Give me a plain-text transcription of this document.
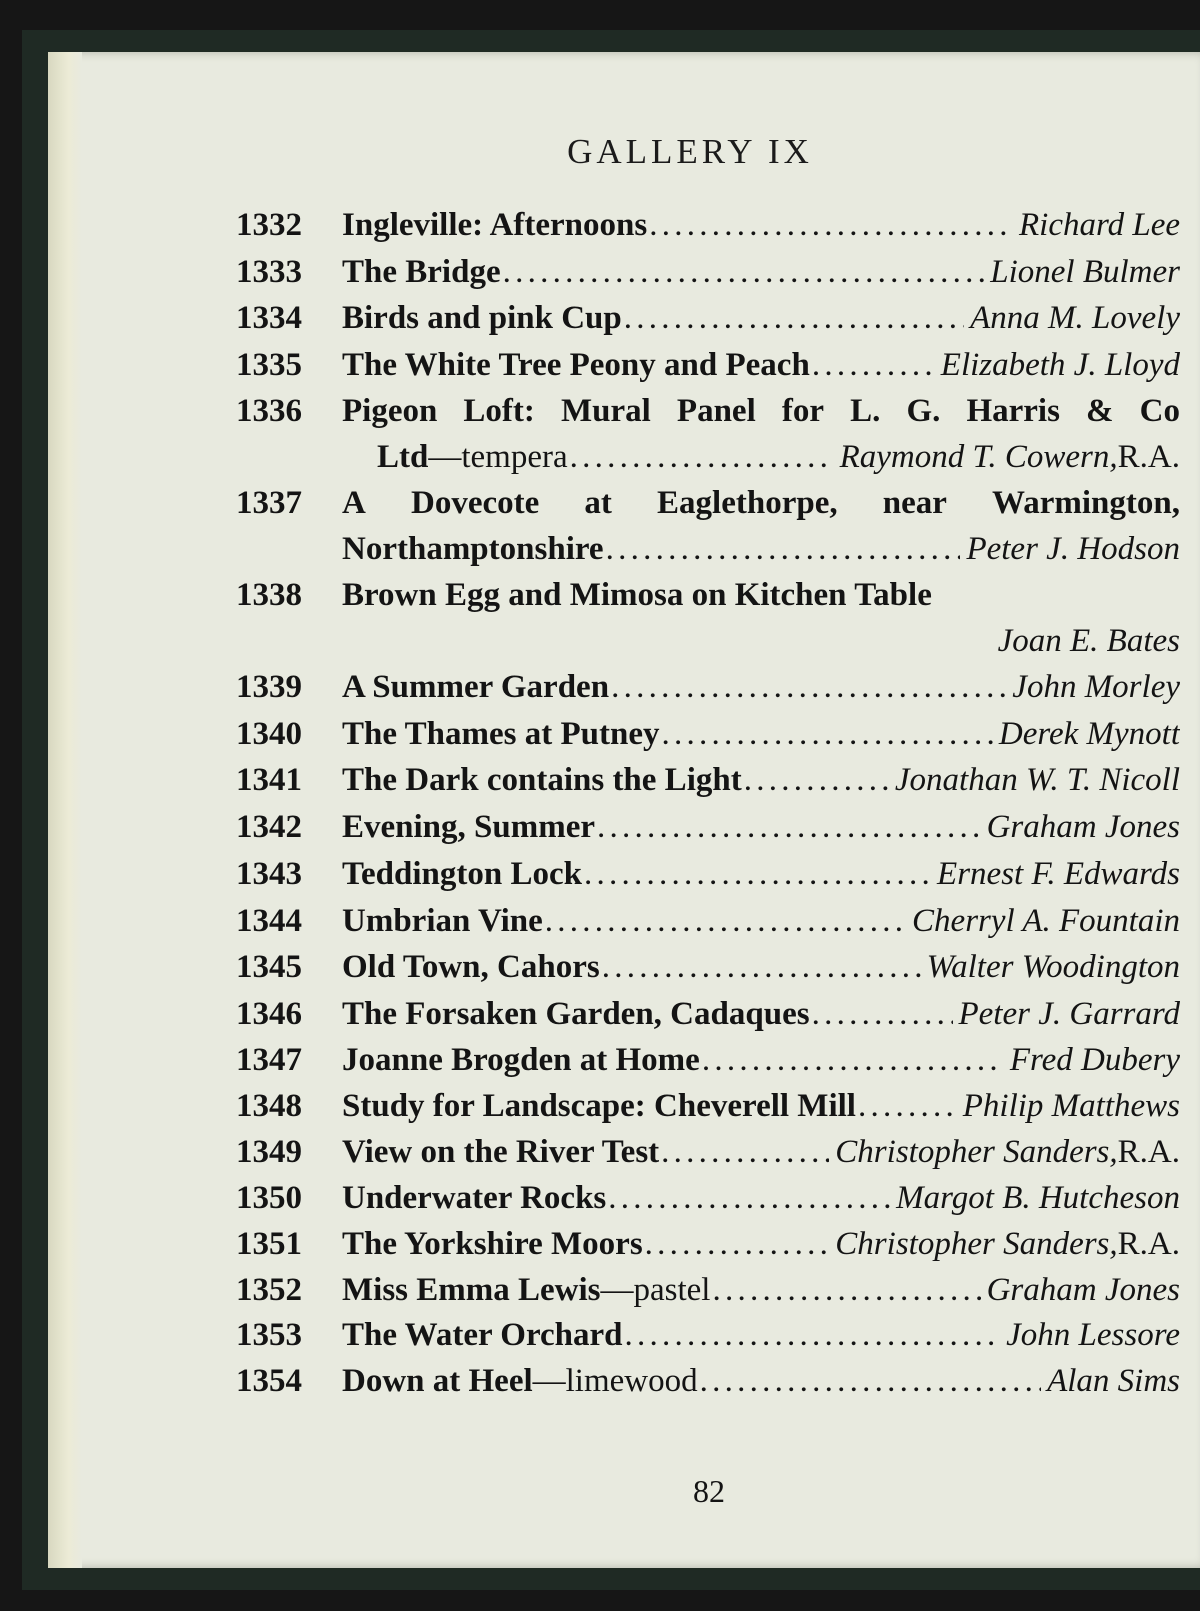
GALLERY IX
1332	Ingleville: Afternoons . . .	Richard Lee
1333	The Bridge . . .	Lionel Bulmer
1334	Birds and pink Cup . . .	Anna M. Lovely
1335	The White Tree Peony and Peach . . .	Elizabeth J. Lloyd
1336	Pigeon Loft: Mural Panel for L. G. Harris & Co
Ltd —tempera . . .	Raymond T. Cowern, R.A.
1337	A Dovecote at Eaglethorpe, near Warmington,
Northamptonshire . . .	Peter J. Hodson
1338	Brown Egg and Mimosa on Kitchen Table
Joan E. Bates
1339	A Summer Garden . . .	John Morley
1340	The Thames at Putney . . .	Derek Mynott
1341	The Dark contains the Light . . .	Jonathan W. T. Nicoll
1342	Evening, Summer . . .	Graham Jones
1343	Teddington Lock . . .	Ernest F. Edwards
1344	Umbrian Vine . . .	Cherryl A. Fountain
1345	Old Town, Cahors . . .	Walter Woodington
1346	The Forsaken Garden, Cadaques . . .	Peter J. Garrard
1347	Joanne Brogden at Home . . .	Fred Dubery
1348	Study for Landscape: Cheverell Mill . . .	Philip Matthews
1349	View on the River Test . . .	Christopher Sanders, R.A.
1350	Underwater Rocks . . .	Margot B. Hutcheson
1351	The Yorkshire Moors . . .	Christopher Sanders, R.A.
1352	Miss Emma Lewis —pastel . . .	Graham Jones
1353	The Water Orchard . . .	John Lessore
1354	Down at Heel —limewood . . .	Alan Sims
82
